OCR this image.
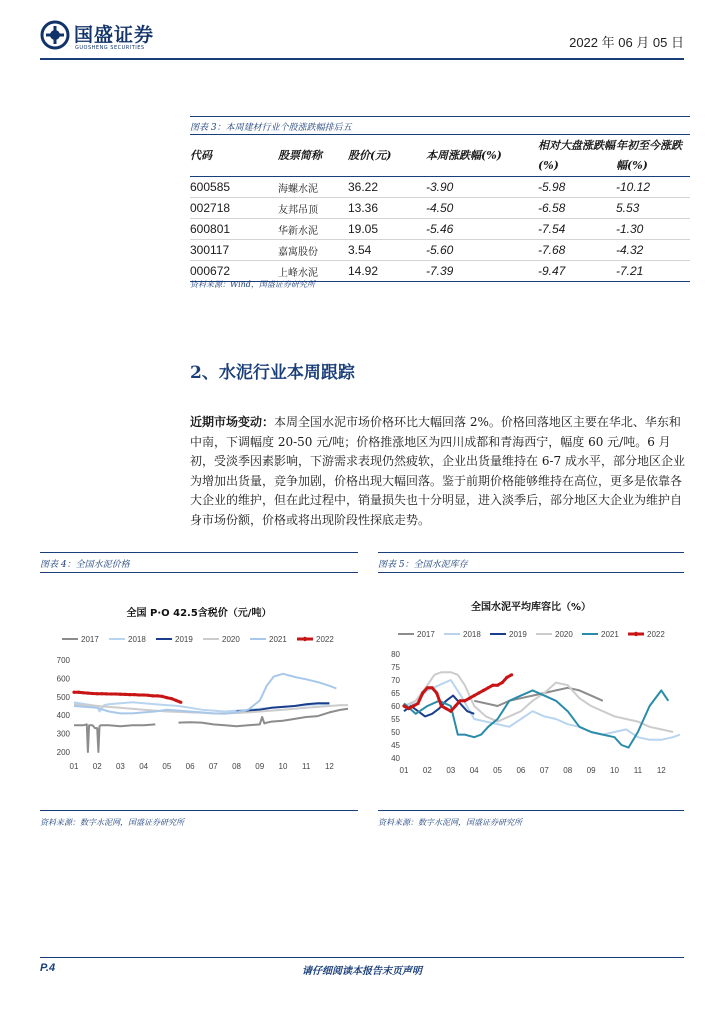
国盛证券
GUOSHENG SECURITIES	2022 年 06 月 05 日
图表 3：本周建材行业个股涨跌幅排后五
代码	股票简称	股价(元)	本周涨跌幅(%)	相对大盘涨跌幅(%)	年初至今涨跌幅(%)
600585	海螺水泥	36.22	-3.90	-5.98	-10.12
002718	友邦吊顶	13.36	-4.50	-6.58	5.53
600801	华新水泥	19.05	-5.46	-7.54	-1.30
300117	嘉寓股份	3.54	-5.60	-7.68	-4.32
000672	上峰水泥	14.92	-7.39	-9.47	-7.21
资料来源：Wind，国盛证券研究所
2、水泥行业本周跟踪
近期市场变动：本周全国水泥市场价格环比大幅回落 2%。价格回落地区主要在华北、华东和中南，下调幅度 20-50 元/吨；价格推涨地区为四川成都和青海西宁，幅度 60 元/吨。6 月初，受淡季因素影响，下游需求表现仍然疲软，企业出货量维持在 6-7 成水平，部分地区企业为增加出货量，竞争加剧，价格出现大幅回落。鉴于前期价格能够维持在高位，更多是依靠各大企业的维护，但在此过程中，销量损失也十分明显，进入淡季后，部分地区大企业为维护自身市场份额，价格或将出现阶段性探底走势。
图表 4：全国水泥价格
全国 P·O 42.5含税价（元/吨）
2017	2018	2019	2020	2021	2022
200
300
400
500
600
700
01 02 03 04 05 06 07 08 09 10 11 12
资料来源：数字水泥网，国盛证券研究所
图表 5：全国水泥库存
全国水泥平均库容比（%）
2017	2018	2019	2020	2021	2022
40
45
50
55
60
65
70
75
80
01 02 03 04 05 06 07 08 09 10 11 12
资料来源：数字水泥网，国盛证券研究所
P.4	请仔细阅读本报告末页声明
